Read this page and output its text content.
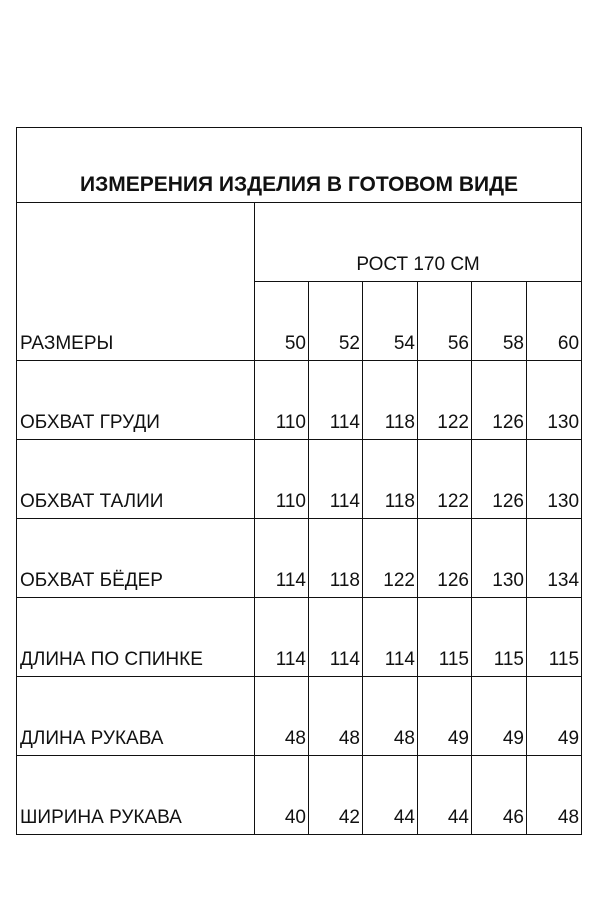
ИЗМЕРЕНИЯ ИЗДЕЛИЯ В ГОТОВОМ ВИДЕ						
РАЗМЕРЫ	РОСТ 170 СМ					
	50	52	54	56	58	60
ОБХВАТ ГРУДИ	110	114	118	122	126	130
ОБХВАТ ТАЛИИ	110	114	118	122	126	130
ОБХВАТ БЁДЕР	114	118	122	126	130	134
ДЛИНА ПО СПИНКЕ	114	114	114	115	115	115
ДЛИНА РУКАВА	48	48	48	49	49	49
ШИРИНА РУКАВА	40	42	44	44	46	48
